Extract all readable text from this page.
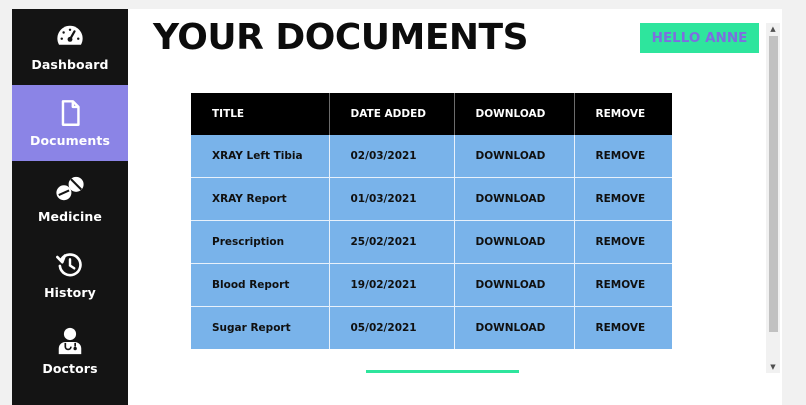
Dashboard
Documents
Medicine
History
Doctors
YOUR DOCUMENTS	HELLO ANNE
TITLE	DATE ADDED	DOWNLOAD	REMOVE
XRAY Left Tibia	02/03/2021	DOWNLOAD	REMOVE
XRAY Report	01/03/2021	DOWNLOAD	REMOVE
Prescription	25/02/2021	DOWNLOAD	REMOVE
Blood Report	19/02/2021	DOWNLOAD	REMOVE
Sugar Report	05/02/2021	DOWNLOAD	REMOVE
▲
▼
